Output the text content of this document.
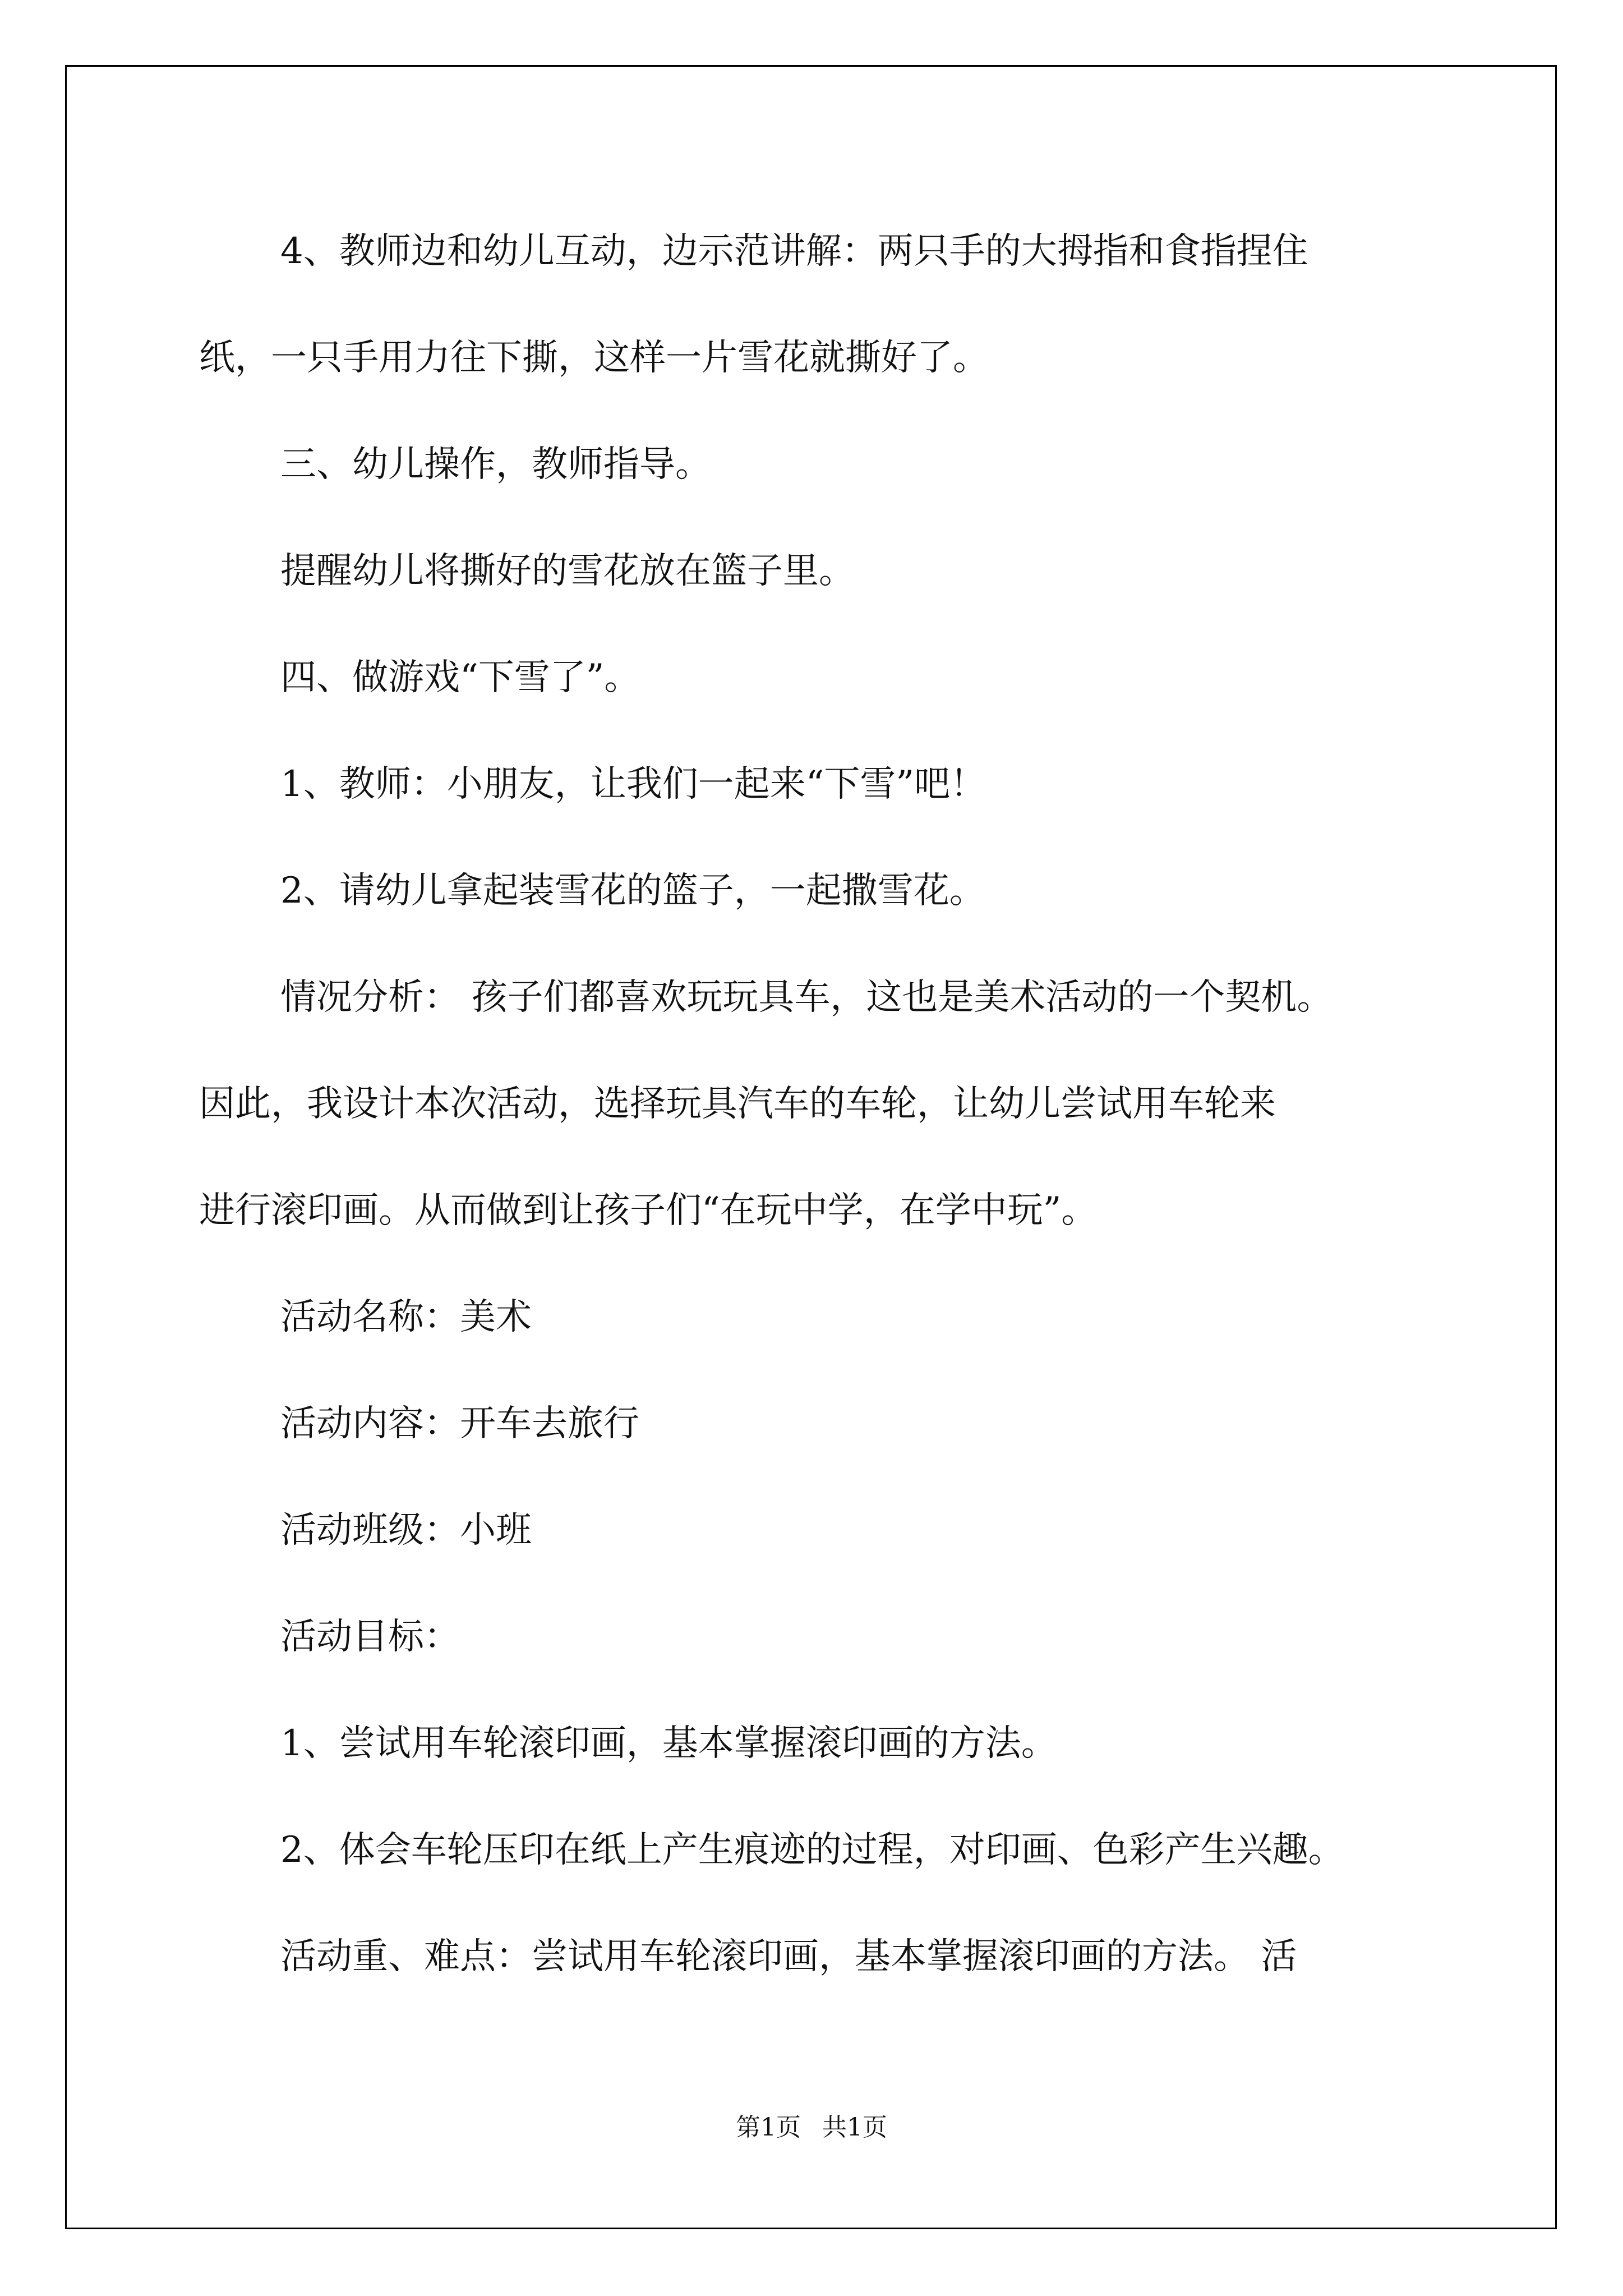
4、教师边和幼儿互动，边示范讲解：两只手的大拇指和食指捏住
纸，一只手用力往下撕，这样一片雪花就撕好了。
三、幼儿操作，教师指导。
提醒幼儿将撕好的雪花放在篮子里。
四、做游戏“下雪了”。
1、教师：小朋友，让我们一起来“下雪”吧！
2、请幼儿拿起装雪花的篮子，一起撒雪花。
情况分析： 孩子们都喜欢玩玩具车，这也是美术活动的一个契机。
因此，我设计本次活动，选择玩具汽车的车轮，让幼儿尝试用车轮来
进行滚印画。从而做到让孩子们“在玩中学，在学中玩”。
活动名称：美术
活动内容：开车去旅行
活动班级：小班
活动目标：
1、尝试用车轮滚印画，基本掌握滚印画的方法。
2、体会车轮压印在纸上产生痕迹的过程，对印画、色彩产生兴趣。
活动重、难点：尝试用车轮滚印画，基本掌握滚印画的方法。 活
第1页 共1页
